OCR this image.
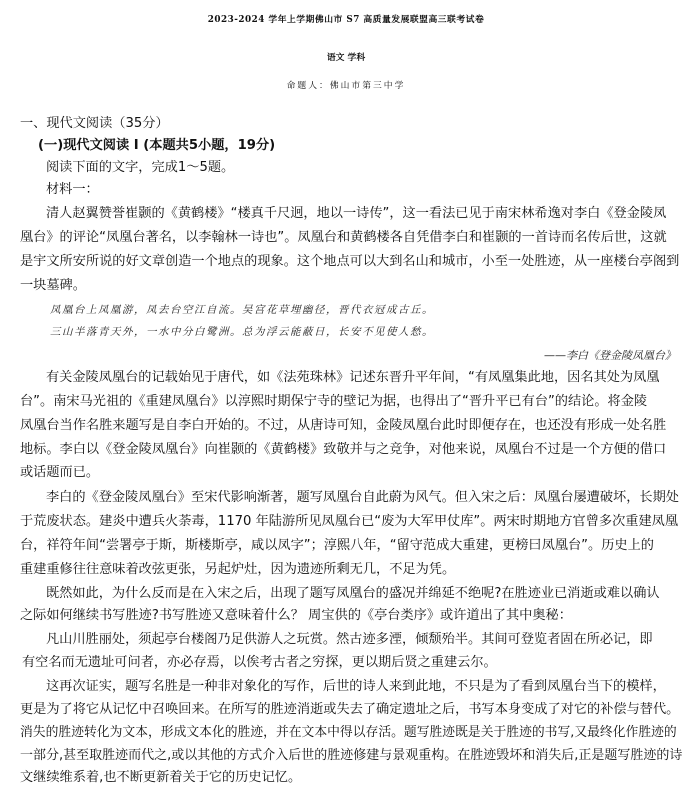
2023-2024 学年上学期佛山市 S7 高质量发展联盟高三联考试卷
语文 学科
命题人：佛山市第三中学
一、现代文阅读（35分）
(一)现代文阅读 I (本题共5小题，19分)
阅读下面的文字，完成1～5题。
材料一：
清人赵翼赞誉崔颢的《黄鹤楼》“楼真千尺迥，地以一诗传”，这一看法已见于南宋林希逸对李白《登金陵凤
凰台》的评论“凤凰台著名，以李翰林一诗也”。凤凰台和黄鹤楼各自凭借李白和崔颢的一首诗而名传后世，这就
是宇文所安所说的好文章创造一个地点的现象。这个地点可以大到名山和城市，小至一处胜迹，从一座楼台亭阁到
一块墓碑。
凤凰台上凤凰游，凤去台空江自流。吴宫花草埋幽径，晋代衣冠成古丘。
三山半落青天外，一水中分白鹭洲。总为浮云能蔽日，长安不见使人愁。
——李白《登金陵凤凰台》
有关金陵凤凰台的记载始见于唐代，如《法苑珠林》记述东晋升平年间，“有凤凰集此地，因名其处为凤凰
台”。南宋马光祖的《重建凤凰台》以淳熙时期保宁寺的壁记为据，也得出了“晋升平已有台”的结论。将金陵
凤凰台当作名胜来题写是自李白开始的。不过，从唐诗可知，金陵凤凰台此时即便存在，也还没有形成一处名胜
地标。李白以《登金陵凤凰台》向崔颢的《黄鹤楼》致敬并与之竞争，对他来说，凤凰台不过是一个方便的借口
或话题而已。
李白的《登金陵凤凰台》至宋代影响渐著，题写凤凰台自此蔚为风气。但入宋之后：凤凰台屡遭破坏，长期处
于荒废状态。建炎中遭兵火荼毒，1170 年陆游所见凤凰台已“废为大军甲仗库”。两宋时期地方官曾多次重建凤凰
台，祥符年间“尝署亭于斯，斯楼斯亭，咸以凤字”；淳熙八年，“留守范成大重建，更榜曰凤凰台”。历史上的
重建重修往往意味着改弦更张，另起炉灶，因为遗迹所剩无几，不足为凭。
既然如此，为什么反而是在入宋之后，出现了题写凤凰台的盛况并绵延不绝呢?在胜迹业已消逝或难以确认
之际如何继续书写胜迹?书写胜迹又意味着什么？ 周宝供的《亭台类序》或许道出了其中奥秘：
凡山川胜丽处，须起亭台楼阁乃足供游人之玩赏。然古迹多湮，倾颓殆半。其间可登览者固在所必记，即
有空名而无遗址可问者，亦必存焉，以俟考古者之穷探，更以期后贤之重建云尔。
这再次证实，题写名胜是一种非对象化的写作，后世的诗人来到此地，不只是为了看到凤凰台当下的模样，
更是为了将它从记忆中召唤回来。在所写的胜迹消逝或失去了确定遗址之后，书写本身变成了对它的补偿与替代。
消失的胜迹转化为文本，形成文本化的胜迹，并在文本中得以存活。题写胜迹既是关于胜迹的书写,又最终化作胜迹的
一部分,甚至取胜迹而代之,或以其他的方式介入后世的胜迹修建与景观重构。在胜迹毁坏和消失后,正是题写胜迹的诗
文继续维系着,也不断更新着关于它的历史记忆。
